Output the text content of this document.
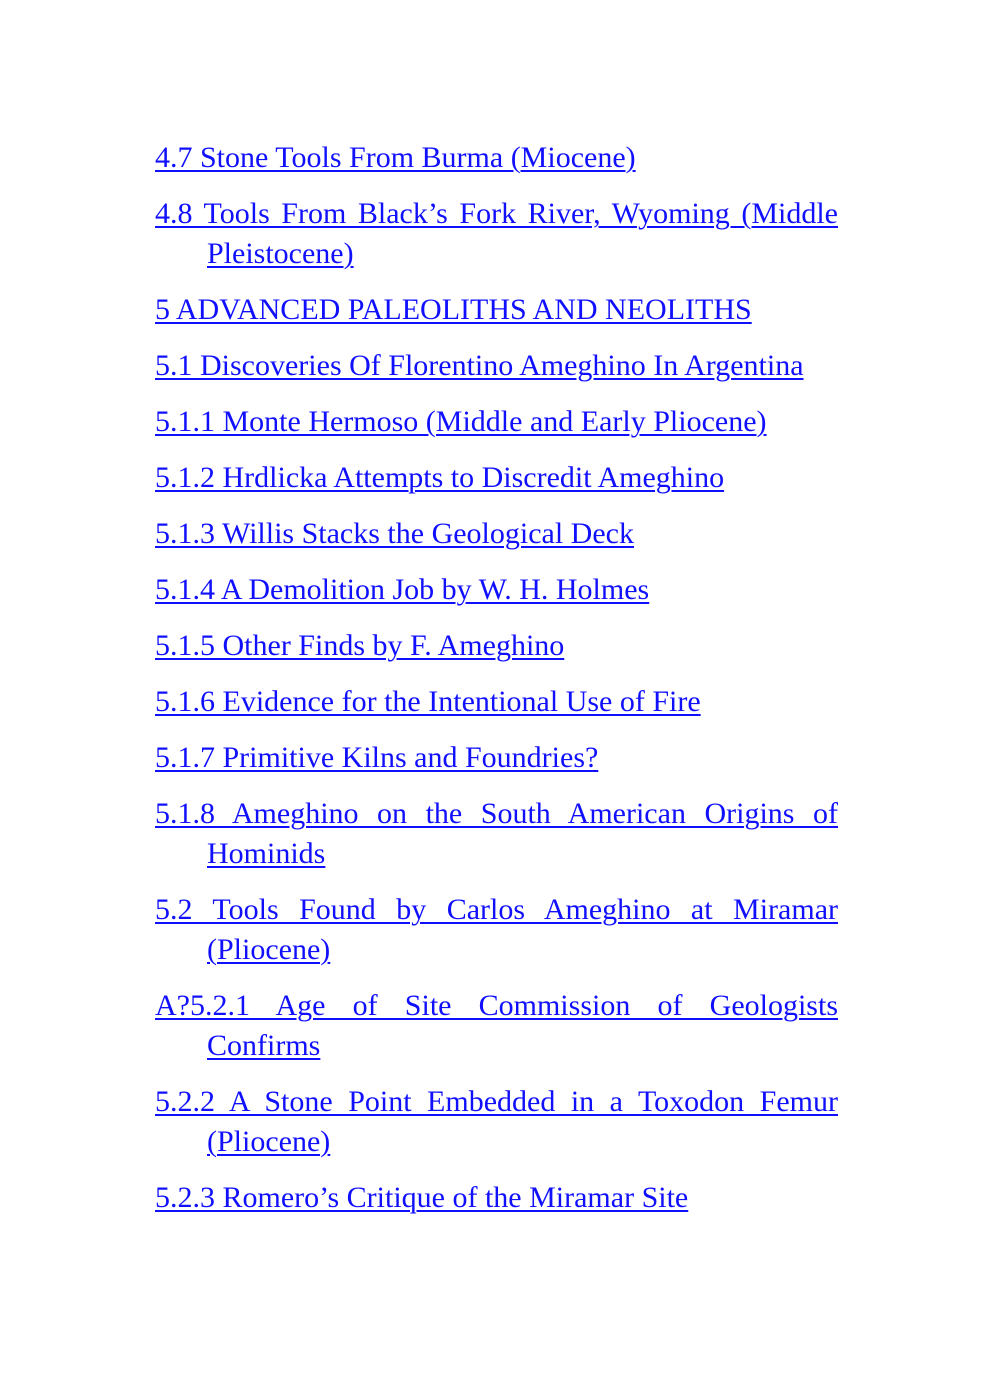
4.7 Stone Tools From Burma (Miocene)
4.8 Tools From Black’s Fork River, Wyoming (Middle Pleistocene)
5 ADVANCED PALEOLITHS AND NEOLITHS
5.1 Discoveries Of Florentino Ameghino In Argentina
5.1.1 Monte Hermoso (Middle and Early Pliocene)
5.1.2 Hrdlicka Attempts to Discredit Ameghino
5.1.3 Willis Stacks the Geological Deck
5.1.4 A Demolition Job by W. H. Holmes
5.1.5 Other Finds by F. Ameghino
5.1.6 Evidence for the Intentional Use of Fire
5.1.7 Primitive Kilns and Foundries?
5.1.8 Ameghino on the South American Origins of Hominids
5.2 Tools Found by Carlos Ameghino at Miramar (Pliocene)
A?5.2.1 Age of Site Commission of Geologists Confirms
5.2.2 A Stone Point Embedded in a Toxodon Femur (Pliocene)
5.2.3 Romero’s Critique of the Miramar Site
